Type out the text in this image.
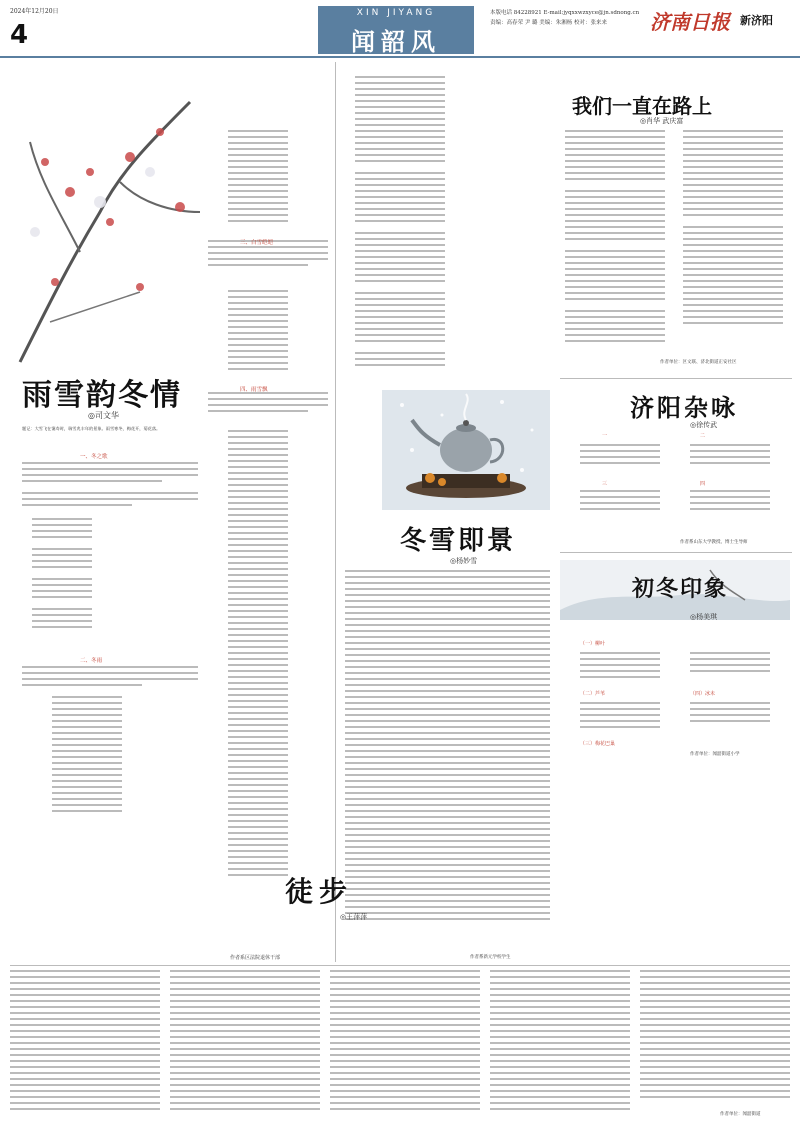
2024年12月20日
4
XIN JIYANG
闻韶风
本版电话 84228921 E-mail:jyqxxwzxyce@jn.sdnong.cn
责编：高春荣 尹 璐 美编：朱湘杨 校对：张来来	济南日报 新济阳
雨雪韵冬情
◎司文华
题记：大雪飞在霭寿时，瑞雪兆丰年的景象。雨雪寒冬，梅花开，菊花落。
一、冬之歌
二、冬雨
三、白雪皑皑
四、雨雪飘
作者系区法院退休干部
我们一直在路上
◎肖华 武庆富
作者单位：区文联、济北街道正安社区
济阳杂咏
◎徐传武
一	二
三	四
作者系山东大学教授、博士生导师
冬雪即景
◎杨妙雪
作者系新元学校学生
初冬印象
◎杨美琪
（一）柳叶
（二）芦苇
（三）梅花巴巢
（四）冰未
作者单位：闻韶街道小学
徒步
◎王萍萍
作者单位：闻韶街道
